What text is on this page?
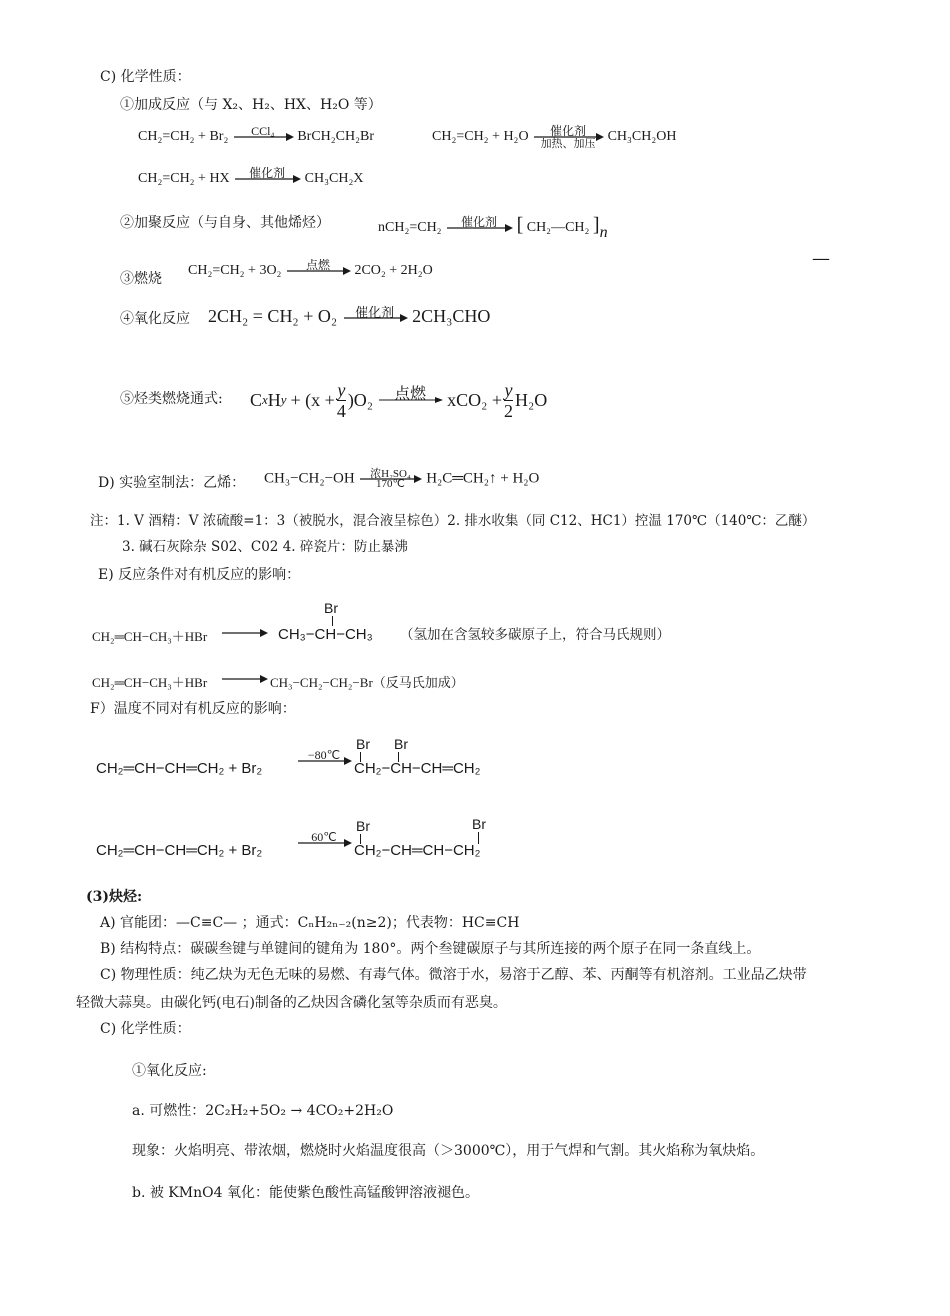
C) 化学性质：
①加成反应（与 X₂、H₂、HX、H₂O 等）
CH₂=CH₂ + Br₂	CCl₄	BrCH₂CH₂Br	CH₂=CH₂ + H₂O	催化剂
加热、加压 CH₃CH₂OH
CH₂=CH₂ + HX	催化剂	CH₃CH₂X
②加聚反应（与自身、其他烯烃）	nCH₂=CH₂	催化剂 [ CH₂—CH₂ ]n
③燃烧
CH₂=CH₂ + 3O₂	点燃	2CO₂ + 2H₂O
—
④氧化反应 2CH₂ = CH₂ + O₂	催化剂	2CH₃CHO
⑤烃类燃烧通式: C x H $y + (x + \frac{y}{4} )O_2$	点燃	$xCO_2 + \frac{y}{2} H_2O$
D) 实验室制法：乙烯： CH₃−CH₂−OH	浓H₂SO₄
170℃	H₂C═CH₂↑ + H₂O
注：1. V 酒精：V 浓硫酸=1：3（被脱水，混合液呈棕色）2. 排水收集（同 C12、HC1）控温 170℃（140℃：乙醚）
3. 碱石灰除杂 S02、C02 4. 碎瓷片：防止暴沸
E) 反应条件对有机反应的影响：
CH₂═CH−CH₃＋HBr
Br
CH₃−CH−CH₃ （氢加在含氢较多碳原子上，符合马氏规则）
CH₂═CH−CH₃＋HBr	CH₃−CH₂−CH₂−Br（反马氏加成）
F）温度不同对有机反应的影响：
CH₂═CH−CH═CH₂ + Br₂
−80℃
Br Br
CH₂−CH−CH═CH₂
CH₂═CH−CH═CH₂ + Br₂
60℃
Br	Br
CH₂−CH═CH−CH₂
(3)炔烃:
A) 官能团：—C≡C— ；通式：CₙH₂ₙ₋₂(n≥2)；代表物：HC≡CH
B) 结构特点：碳碳叁键与单键间的键角为 180°。两个叁键碳原子与其所连接的两个原子在同一条直线上。
C) 物理性质：纯乙炔为无色无味的易燃、有毒气体。微溶于水，易溶于乙醇、苯、丙酮等有机溶剂。工业品乙炔带
轻微大蒜臭。由碳化钙(电石)制备的乙炔因含磷化氢等杂质而有恶臭。
C) 化学性质：
①氧化反应:
a. 可燃性：2C₂H₂+5O₂ → 4CO₂+2H₂O
现象：火焰明亮、带浓烟，燃烧时火焰温度很高（＞3000℃），用于气焊和气割。其火焰称为氧炔焰。
b. 被 KMnO4 氧化：能使紫色酸性高锰酸钾溶液褪色。
